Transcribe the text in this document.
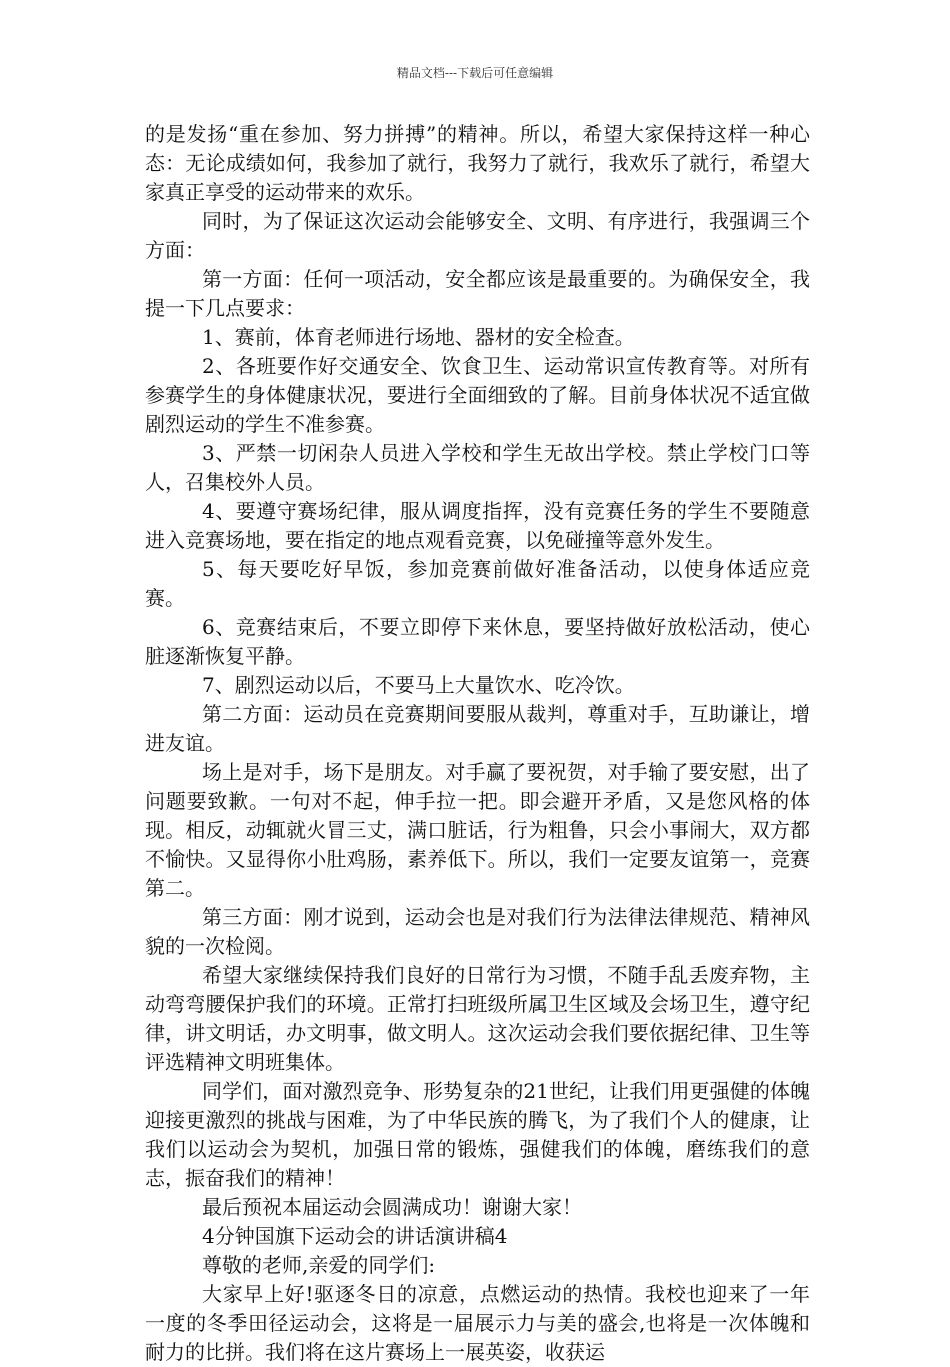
精品文档---下载后可任意编辑

的是发扬“重在参加、努力拼搏”的精神。所以，希望大家保持这样一种心态：无论成绩如何，我参加了就行，我努力了就行，我欢乐了就行，希望大家真正享受的运动带来的欢乐。

同时，为了保证这次运动会能够安全、文明、有序进行，我强调三个方面：

第一方面：任何一项活动，安全都应该是最重要的。为确保安全，我提一下几点要求：

1、赛前，体育老师进行场地、器材的安全检查。

2、各班要作好交通安全、饮食卫生、运动常识宣传教育等。对所有参赛学生的身体健康状况，要进行全面细致的了解。目前身体状况不适宜做剧烈运动的学生不准参赛。

3、严禁一切闲杂人员进入学校和学生无故出学校。禁止学校门口等人，召集校外人员。

4、要遵守赛场纪律，服从调度指挥，没有竞赛任务的学生不要随意进入竞赛场地，要在指定的地点观看竞赛，以免碰撞等意外发生。

5、每天要吃好早饭，参加竞赛前做好准备活动，以使身体适应竞赛。

6、竞赛结束后，不要立即停下来休息，要坚持做好放松活动，使心脏逐渐恢复平静。

7、剧烈运动以后，不要马上大量饮水、吃冷饮。

第二方面：运动员在竞赛期间要服从裁判，尊重对手，互助谦让，增进友谊。

场上是对手，场下是朋友。对手赢了要祝贺，对手输了要安慰，出了问题要致歉。一句对不起，伸手拉一把。即会避开矛盾，又是您风格的体现。相反，动辄就火冒三丈，满口脏话，行为粗鲁，只会小事闹大，双方都不愉快。又显得你小肚鸡肠，素养低下。所以，我们一定要友谊第一，竞赛第二。

第三方面：刚才说到，运动会也是对我们行为法律法律规范、精神风貌的一次检阅。

希望大家继续保持我们良好的日常行为习惯，不随手乱丢废弃物，主动弯弯腰保护我们的环境。正常打扫班级所属卫生区域及会场卫生，遵守纪律，讲文明话，办文明事，做文明人。这次运动会我们要依据纪律、卫生等评选精神文明班集体。

同学们，面对激烈竞争、形势复杂的21世纪，让我们用更强健的体魄迎接更激烈的挑战与困难，为了中华民族的腾飞，为了我们个人的健康，让我们以运动会为契机，加强日常的锻炼，强健我们的体魄，磨练我们的意志，振奋我们的精神！

最后预祝本届运动会圆满成功！谢谢大家！

4分钟国旗下运动会的讲话演讲稿4

尊敬的老师,亲爱的同学们:

大家早上好!驱逐冬日的凉意，点燃运动的热情。我校也迎来了一年一度的冬季田径运动会，这将是一届展示力与美的盛会,也将是一次体魄和耐力的比拼。我们将在这片赛场上一展英姿，收获运
